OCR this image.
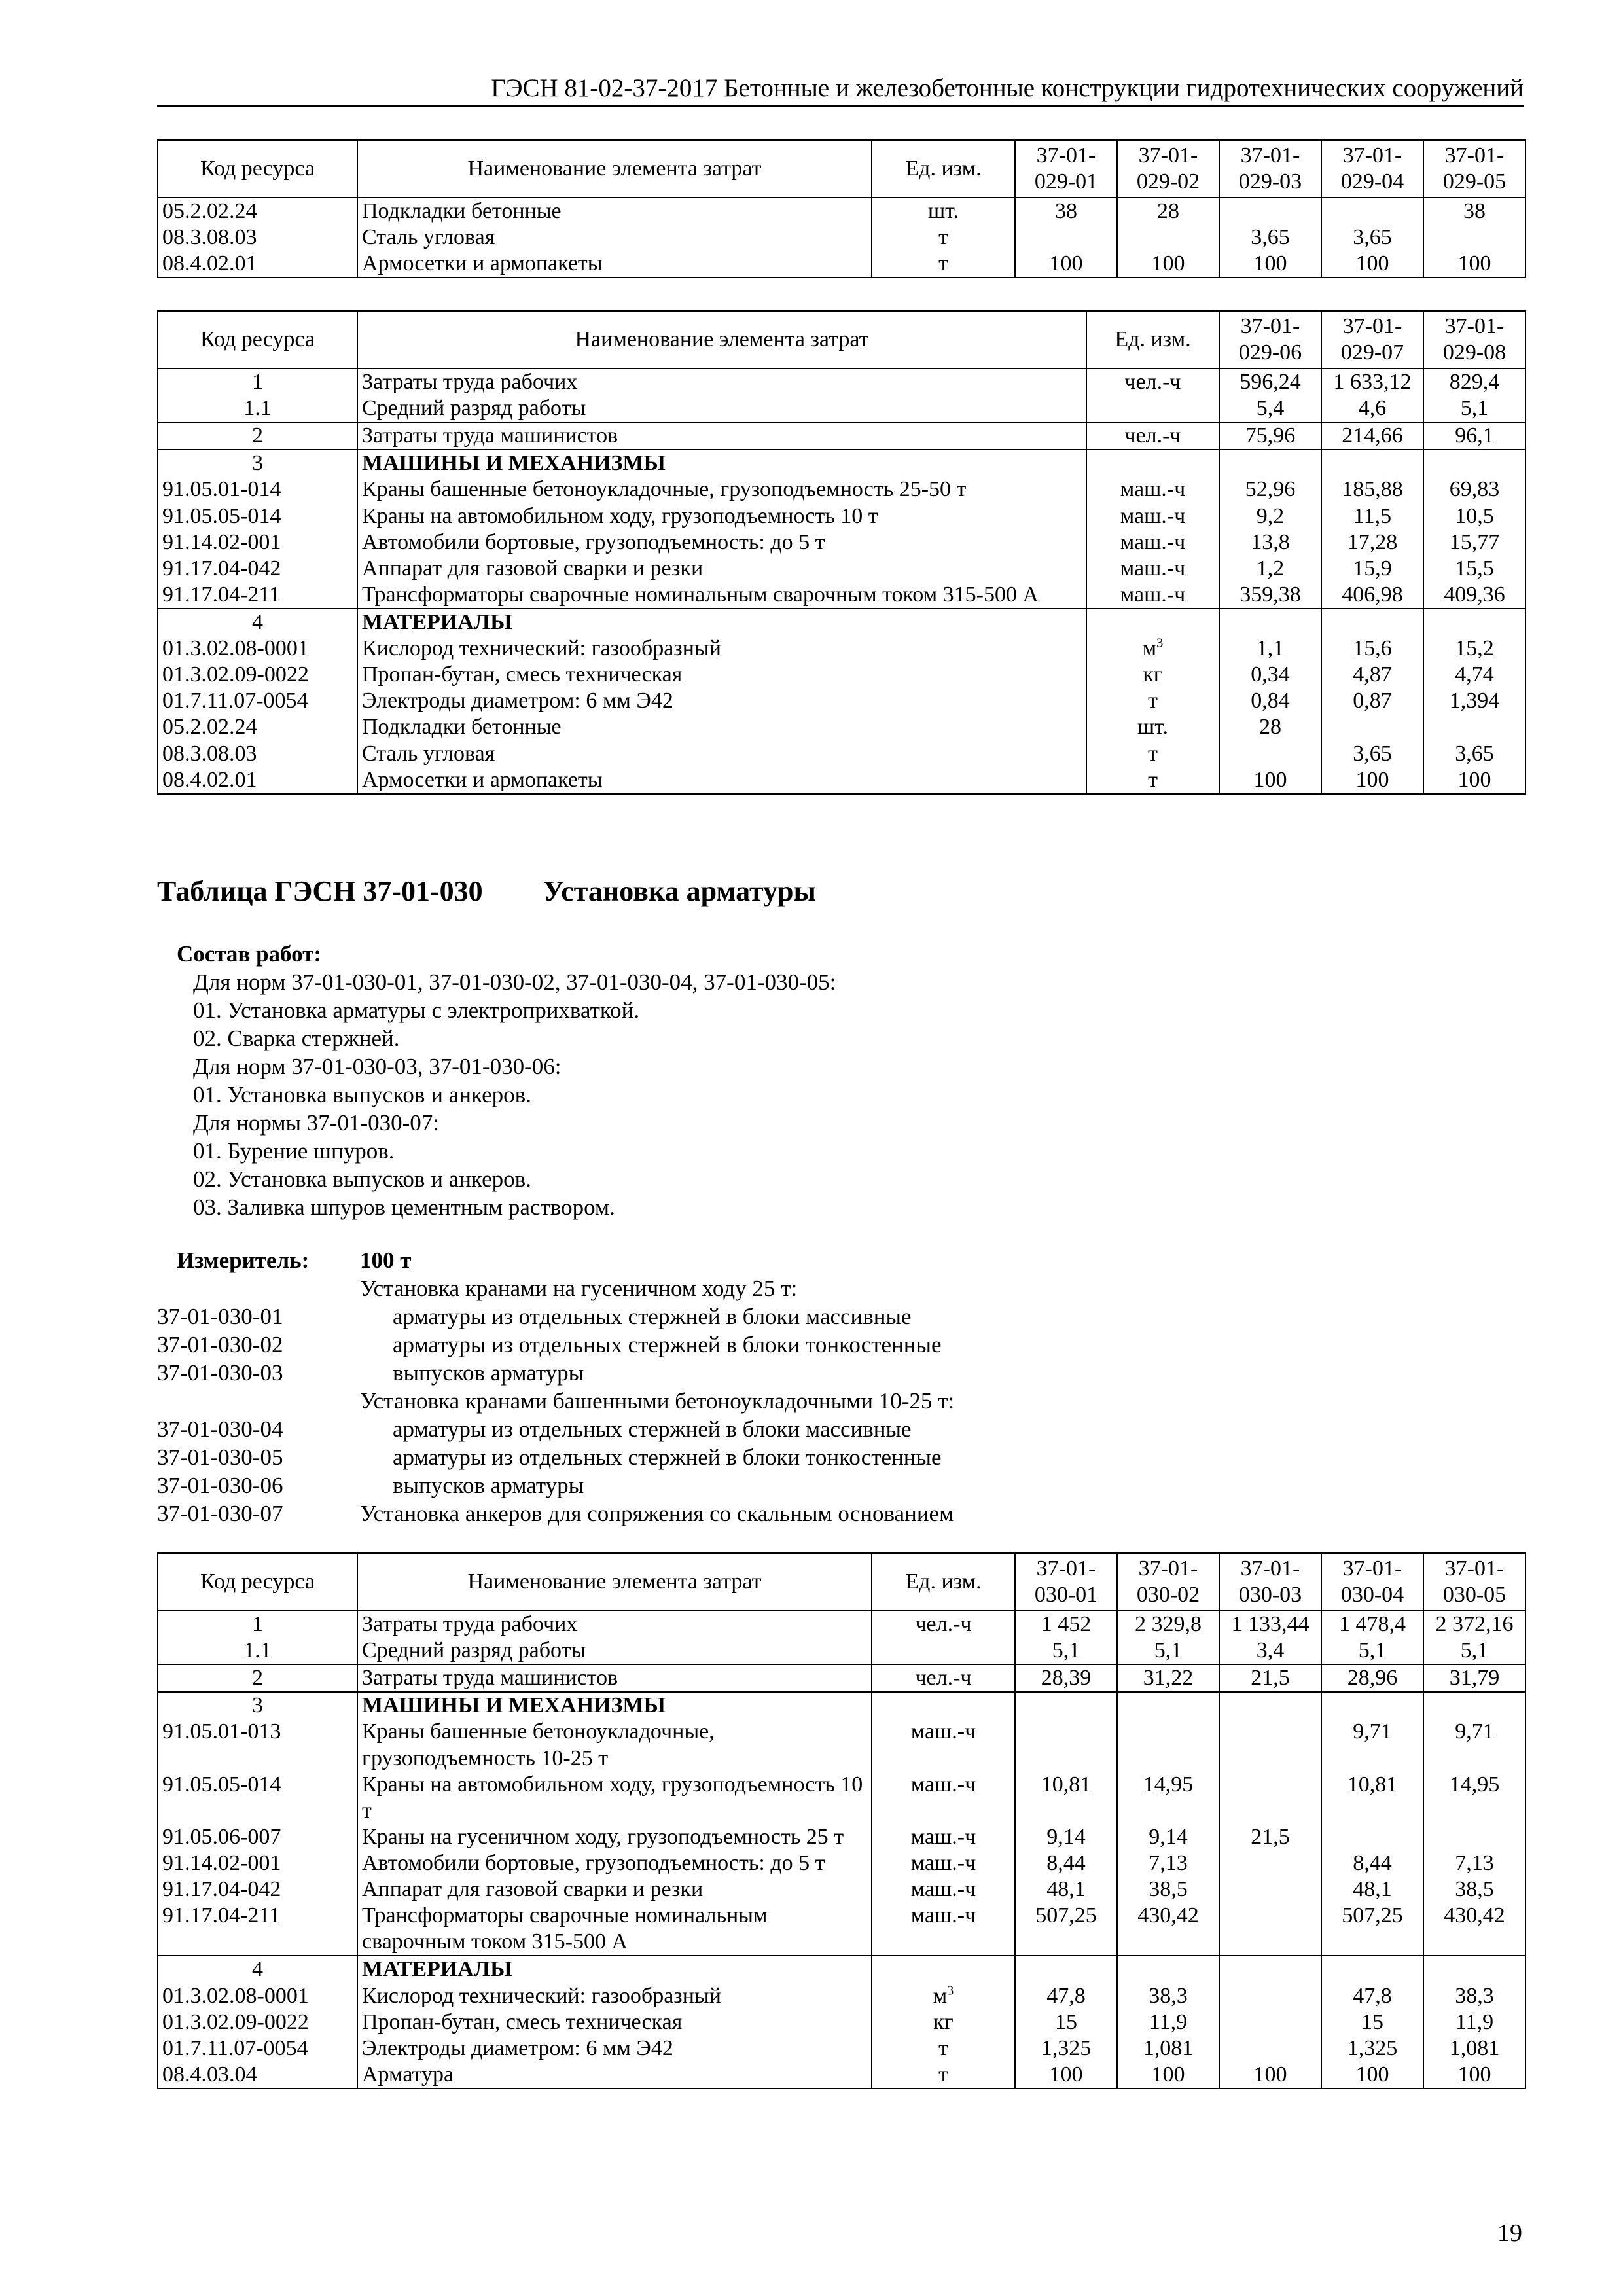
ГЭСН 81-02-37-2017 Бетонные и железобетонные конструкции гидротехнических сооружений
Код ресурса	Наименование элемента затрат	Ед. изм.	37-01-029-01	37-01-029-02	37-01-029-03	37-01-029-04	37-01-029-05
05.2.02.24	Подкладки бетонные	шт.	38	28			38
08.3.08.03	Сталь угловая	т			3,65	3,65	
08.4.02.01	Армосетки и армопакеты	т	100	100	100	100	100
Код ресурса	Наименование элемента затрат	Ед. изм.	37-01-029-06	37-01-029-07	37-01-029-08
1	Затраты труда рабочих	чел.-ч	596,24	1 633,12	829,4
1.1	Средний разряд работы		5,4	4,6	5,1
2	Затраты труда машинистов	чел.-ч	75,96	214,66	96,1
3	МАШИНЫ И МЕХАНИЗМЫ				
91.05.01-014	Краны башенные бетоноукладочные, грузоподъемность 25-50 т	маш.-ч	52,96	185,88	69,83
91.05.05-014	Краны на автомобильном ходу, грузоподъемность 10 т	маш.-ч	9,2	11,5	10,5
91.14.02-001	Автомобили бортовые, грузоподъемность: до 5 т	маш.-ч	13,8	17,28	15,77
91.17.04-042	Аппарат для газовой сварки и резки	маш.-ч	1,2	15,9	15,5
91.17.04-211	Трансформаторы сварочные номинальным сварочным током 315-500 А	маш.-ч	359,38	406,98	409,36
4	МАТЕРИАЛЫ				
01.3.02.08-0001	Кислород технический: газообразный	$м^3$	1,1	15,6	15,2
01.3.02.09-0022	Пропан-бутан, смесь техническая	кг	0,34	4,87	4,74
01.7.11.07-0054	Электроды диаметром: 6 мм Э42	т	0,84	0,87	1,394
05.2.02.24	Подкладки бетонные	шт.	28		
08.3.08.03	Сталь угловая	т		3,65	3,65
08.4.02.01	Армосетки и армопакеты	т	100	100	100
Таблица ГЭСН 37-01-030 Установка арматуры
Состав работ:
Для норм 37-01-030-01, 37-01-030-02, 37-01-030-04, 37-01-030-05:
01. Установка арматуры с электроприхваткой.
02. Сварка стержней.
Для норм 37-01-030-03, 37-01-030-06:
01. Установка выпусков и анкеров.
Для нормы 37-01-030-07:
01. Бурение шпуров.
02. Установка выпусков и анкеров.
03. Заливка шпуров цементным раствором.
Измеритель:	100 т
Установка кранами на гусеничном ходу 25 т:
37-01-030-01	арматуры из отдельных стержней в блоки массивные
37-01-030-02	арматуры из отдельных стержней в блоки тонкостенные
37-01-030-03	выпусков арматуры
Установка кранами башенными бетоноукладочными 10-25 т:
37-01-030-04	арматуры из отдельных стержней в блоки массивные
37-01-030-05	арматуры из отдельных стержней в блоки тонкостенные
37-01-030-06	выпусков арматуры
37-01-030-07	Установка анкеров для сопряжения со скальным основанием
Код ресурса	Наименование элемента затрат	Ед. изм.	37-01-030-01	37-01-030-02	37-01-030-03	37-01-030-04	37-01-030-05
1	Затраты труда рабочих	чел.-ч	1 452	2 329,8	1 133,44	1 478,4	2 372,16
1.1	Средний разряд работы		5,1	5,1	3,4	5,1	5,1
2	Затраты труда машинистов	чел.-ч	28,39	31,22	21,5	28,96	31,79
3	МАШИНЫ И МЕХАНИЗМЫ						
91.05.01-013	Краны башенные бетоноукладочные, грузоподъемность 10-25 т	маш.-ч				9,71	9,71
91.05.05-014	Краны на автомобильном ходу, грузоподъемность 10 т	маш.-ч	10,81	14,95		10,81	14,95
91.05.06-007	Краны на гусеничном ходу, грузоподъемность 25 т	маш.-ч	9,14	9,14	21,5		
91.14.02-001	Автомобили бортовые, грузоподъемность: до 5 т	маш.-ч	8,44	7,13		8,44	7,13
91.17.04-042	Аппарат для газовой сварки и резки	маш.-ч	48,1	38,5		48,1	38,5
91.17.04-211	Трансформаторы сварочные номинальным сварочным током 315-500 А	маш.-ч	507,25	430,42		507,25	430,42
4	МАТЕРИАЛЫ						
01.3.02.08-0001	Кислород технический: газообразный	$м^3$	47,8	38,3		47,8	38,3
01.3.02.09-0022	Пропан-бутан, смесь техническая	кг	15	11,9		15	11,9
01.7.11.07-0054	Электроды диаметром: 6 мм Э42	т	1,325	1,081		1,325	1,081
08.4.03.04	Арматура	т	100	100	100	100	100
19
